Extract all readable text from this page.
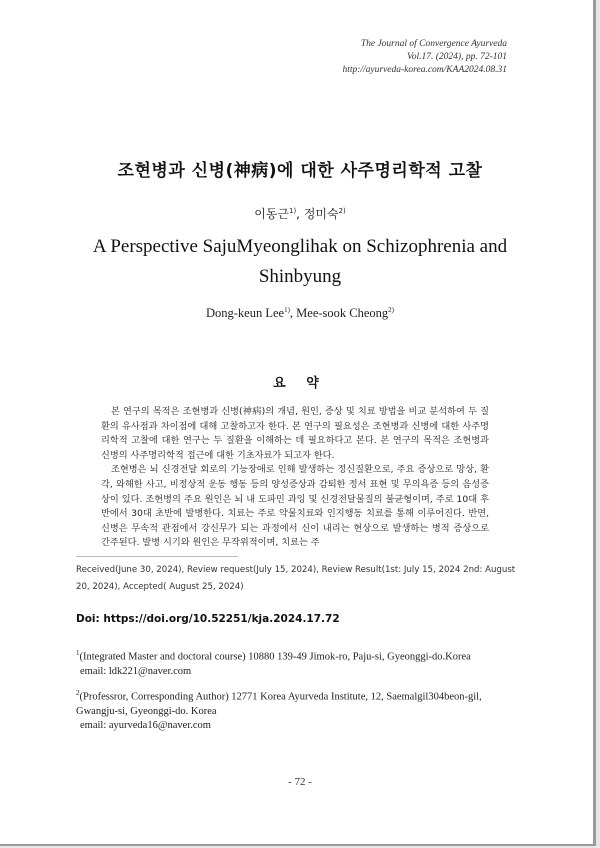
The Journal of Convergence Ayurveda
Vol.17. (2024), pp. 72-101
http://ayurveda-korea.com/KAA2024.08.31
조현병과 신병(神病)에 대한 사주명리학적 고찰
이동근$^{1)}$, 정미숙$^{2)}$
A Perspective SajuMyeonglihak on Schizophrenia and Shinbyung
Dong-keun Lee$^{1)}$, Mee-sook Cheong$^{2)}$
요 약

본 연구의 목적은 조현병과 신병(神病)의 개념, 원인, 증상 및 치료 방법을 비교 분석하여 두 질환의 유사점과 차이점에 대해 고찰하고자 한다. 본 연구의 필요성은 조현병과 신병에 대한 사주명리학적 고찰에 대한 연구는 두 질환을 이해하는 데 필요하다고 본다. 본 연구의 목적은 조현병과 신병의 사주명리학적 접근에 대한 기초자료가 되고자 한다.

조현병은 뇌 신경전달 회로의 기능장애로 인해 발생하는 정신질환으로, 주요 증상으로 망상, 환각, 와해한 사고, 비정상적 운동 행동 등의 양성증상과 감퇴한 정서 표현 및 무의욕증 등의 음성증상이 있다. 조현병의 주요 원인은 뇌 내 도파민 과잉 및 신경전달물질의 불균형이며, 주로 10대 후반에서 30대 초반에 발병한다. 치료는 주로 약물치료와 인지행동 치료를 통해 이루어진다. 반면, 신병은 무속적 관점에서 강신무가 되는 과정에서 신이 내리는 현상으로 발생하는 병적 증상으로 간주된다. 발병 시기와 원인은 무작위적이며, 치료는 주

Received(June 30, 2024), Review request(July 15, 2024), Review Result(1st: July 15, 2024 2nd: August 20, 2024), Accepted( August 25, 2024)
Doi: https://doi.org/10.52251/kja.2024.17.72
$^1$(Integrated Master and doctoral course) 10880 139-49 Jimok-ro, Paju-si, Gyeonggi-do.Korea
email: ldk221@naver.com
$^2$(Professror, Corresponding Author) 12771 Korea Ayurveda Institute, 12, Saemalgil304beon-gil, Gwangju-si, Gyeonggi-do. Korea
email: ayurveda16@naver.com
- 72 -
